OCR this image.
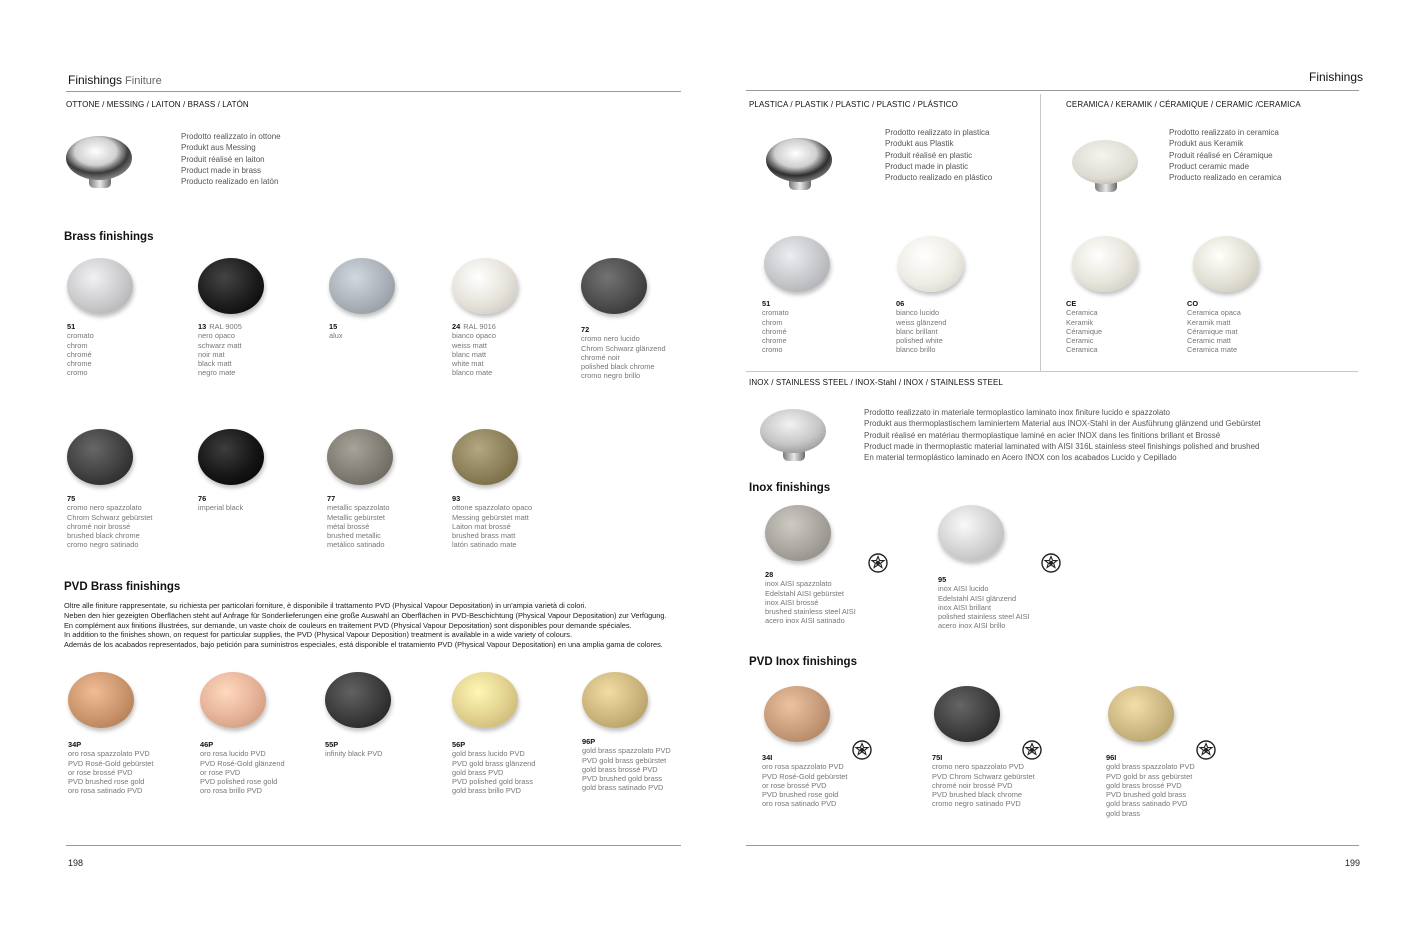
Finishings Finiture
OTTONE / MESSING / LAITON / BRASS / LATÓN
Prodotto realizzato in ottone
Produkt aus Messing
Produit réalisé en laiton
Product made in brass
Producto realizado en latón
Brass finishings
51
cromato
chrom
chromé
chrome
cromo
13 RAL 9005
nero opaco
schwarz matt
noir mat
black matt
negro mate
15
alux
24 RAL 9016
bianco opaco
weiss matt
blanc matt
white mat
blanco mate
72
cromo nero lucido
Chrom Schwarz glänzend
chromé noir
polished black chrome
cromo negro brillo
75
cromo nero spazzolato
Chrom Schwarz gebürstet
chromé noir brossé
brushed black chrome
cromo negro satinado
76
imperial black
77
metallic spazzolato
Metallic gebürstet
métal brossé
brushed metallic
metálico satinado
93
ottone spazzolato opaco
Messing gebürstet matt
Laiton mat brossé
brushed brass matt
latón satinado mate
PVD Brass finishings
Oltre alle finiture rappresentate, su richiesta per particolari forniture, è disponibile il trattamento PVD (Physical Vapour Depositation) in un'ampia varietà di colori.
Neben den hier gezeigten Oberflächen steht auf Anfrage für Sonderlieferungen eine große Auswahl an Oberflächen in PVD-Beschichtung (Physical Vapour Depositation) zur Verfügung.
En complément aux finitions illustrées, sur demande, un vaste choix de couleurs en traitement PVD (Physical Vapour Depositation) sont disponibles pour demande spéciales.
In addition to the finishes shown, on request for particular supplies, the PVD (Physical Vapour Deposition) treatment is available in a wide variety of colours.
Además de los acabados representados, bajo petición para suministros especiales, está disponible el tratamiento PVD (Physical Vapour Depositation) en una amplia gama de colores.
34P
oro rosa spazzolato PVD
PVD Rosé-Gold gebürstet
or rose brossé PVD
PVD brushed rose gold
oro rosa satinado PVD
46P
oro rosa lucido PVD
PVD Rosé-Gold glänzend
or rose PVD
PVD polished rose gold
oro rosa brillo PVD
55P
infinity black PVD
56P
gold brass lucido PVD
PVD gold brass glänzend
gold brass PVD
PVD polished gold brass
gold brass brillo PVD
96P
gold brass spazzolato PVD
PVD gold brass gebürstet
gold brass brossé PVD
PVD brushed gold brass
gold brass satinado PVD
198
Finishings
PLASTICA / PLASTIK / PLASTIC / PLASTIC / PLÁSTICO
Prodotto realizzato in plastica
Produkt aus Plastik
Produit réalisé en plastic
Product made in plastic
Producto realizado en plástico
CERAMICA / KERAMIK / CÉRAMIQUE / CERAMIC /CERAMICA
Prodotto realizzato in ceramica
Produkt aus Keramik
Produit réalisé en Céramique
Product ceramic made
Producto realizado en ceramica
51
cromato
chrom
chromé
chrome
cromo
06
bianco lucido
weiss glänzend
blanc brillant
polished white
blanco brillo
CE
Ceramica
Keramik
Céramique
Ceramic
Ceramica
CO
Ceramica opaca
Keramik matt
Céramique mat
Ceramic matt
Ceramica mate
INOX / STAINLESS STEEL / INOX-Stahl / INOX / STAINLESS STEEL
Prodotto realizzato in materiale termoplastico laminato inox finiture lucido e spazzolato
Produkt aus thermoplastischem laminiertem Material aus INOX-Stahl in der Ausführung glänzend und Gebürstet
Produit réalisé en matériau thermoplastique laminé en acier INOX dans les finitions brillant et Brossé
Product made in thermoplastic material laminated with AISI 316L stainless steel finishings polished and brushed
En material termoplástico laminado en Acero INOX con los acabados Lucido y Cepillado
Inox finishings
28
inox AISI spazzolato
Edelstahl AISI gebürstet
inox AISI brossé
brushed stainless steel AISI
acero inox AISI satinado
95
inox AISI lucido
Edelstahl AISI glänzend
inox AISI brillant
polished stainless steel AISI
acero inox AISI brillo
PVD Inox finishings
34I
oro rosa spazzolato PVD
PVD Rosé-Gold gebürstet
or rose brossé PVD
PVD brushed rose gold
oro rosa satinado PVD
75I
cromo nero spazzolato PVD
PVD Chrom Schwarz gebürstet
chromé noir brossé PVD
PVD brushed black chrome
cromo negro satinado PVD
96I
gold brass spazzolato PVD
PVD gold br ass gebürstet
gold brass brossé PVD
PVD brushed gold brass
gold brass satinado PVD
gold brass
199
